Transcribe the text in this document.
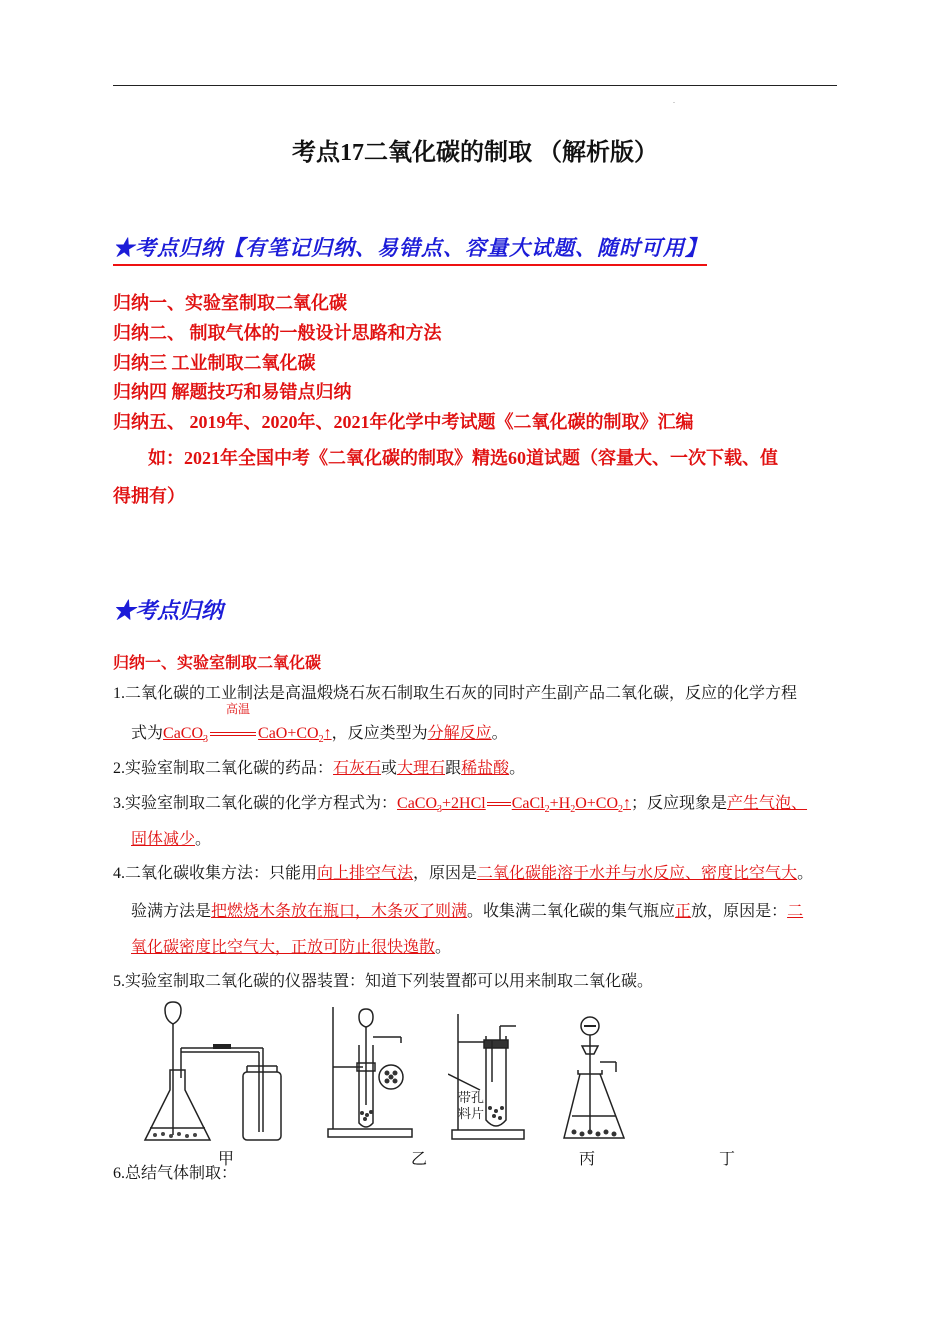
.
考点17二氧化碳的制取 （解析版）
★考点归纳【有笔记归纳、易错点、容量大试题、随时可用】
归纳一、实验室制取二氧化碳
归纳二、 制取气体的一般设计思路和方法
归纳三 工业制取二氧化碳
归纳四 解题技巧和易错点归纳
归纳五、 2019年、2020年、2021年化学中考试题《二氧化碳的制取》汇编
如：2021年全国中考《二氧化碳的制取》精选60道试题（容量大、一次下载、值
得拥有）
★考点归纳
归纳一、实验室制取二氧化碳
1.二氧化碳的工业制法是高温煅烧石灰石制取生石灰的同时产生副产品二氧化碳，反应的化学方程
高温
式为CaCO$_3$	$CaO+CO_2↑$，反应类型为分解反应。
2.实验室制取二氧化碳的药品：石灰石或大理石跟稀盐酸。
3.实验室制取二氧化碳的化学方程式为：CaCO$_3$+2HCl $CaCl_2+H_2O+CO_2↑$；反应现象是产生气泡、
固体减少。
4.二氧化碳收集方法：只能用向上排空气法，原因是二氧化碳能溶于水并与水反应、密度比空气大。
验满方法是把燃烧木条放在瓶口，木条灭了则满。收集满二氧化碳的集气瓶应正放，原因是：二
氧化碳密度比空气大，正放可防止很快逸散。
5.实验室制取二氧化碳的仪器装置：知道下列装置都可以用来制取二氧化碳。
带孔
料片
甲	乙	丙	丁
6.总结气体制取：
